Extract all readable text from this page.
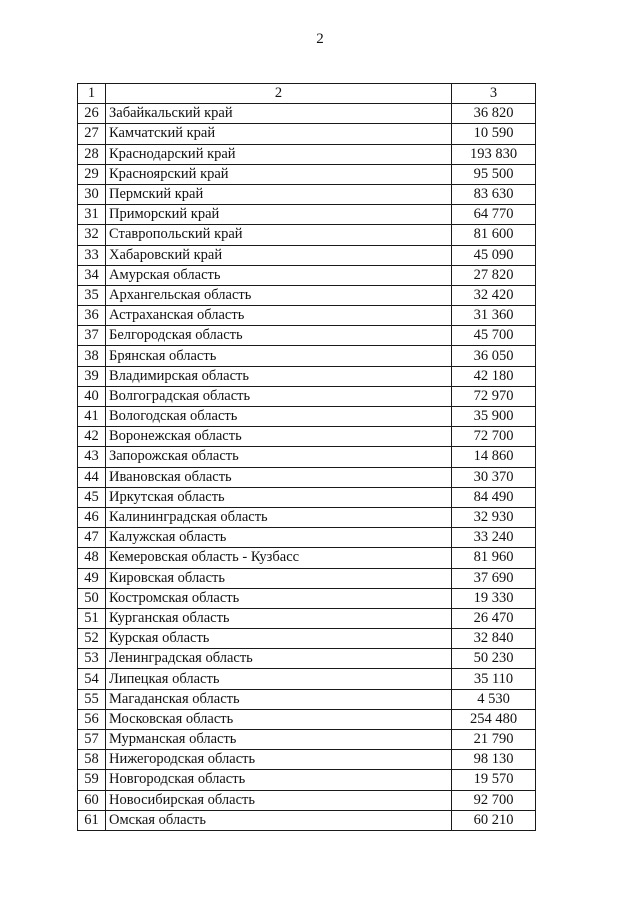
2
1	2	3
26	Забайкальский край	36 820
27	Камчатский край	10 590
28	Краснодарский край	193 830
29	Красноярский край	95 500
30	Пермский край	83 630
31	Приморский край	64 770
32	Ставропольский край	81 600
33	Хабаровский край	45 090
34	Амурская область	27 820
35	Архангельская область	32 420
36	Астраханская область	31 360
37	Белгородская область	45 700
38	Брянская область	36 050
39	Владимирская область	42 180
40	Волгоградская область	72 970
41	Вологодская область	35 900
42	Воронежская область	72 700
43	Запорожская область	14 860
44	Ивановская область	30 370
45	Иркутская область	84 490
46	Калининградская область	32 930
47	Калужская область	33 240
48	Кемеровская область - Кузбасс	81 960
49	Кировская область	37 690
50	Костромская область	19 330
51	Курганская область	26 470
52	Курская область	32 840
53	Ленинградская область	50 230
54	Липецкая область	35 110
55	Магаданская область	4 530
56	Московская область	254 480
57	Мурманская область	21 790
58	Нижегородская область	98 130
59	Новгородская область	19 570
60	Новосибирская область	92 700
61	Омская область	60 210
